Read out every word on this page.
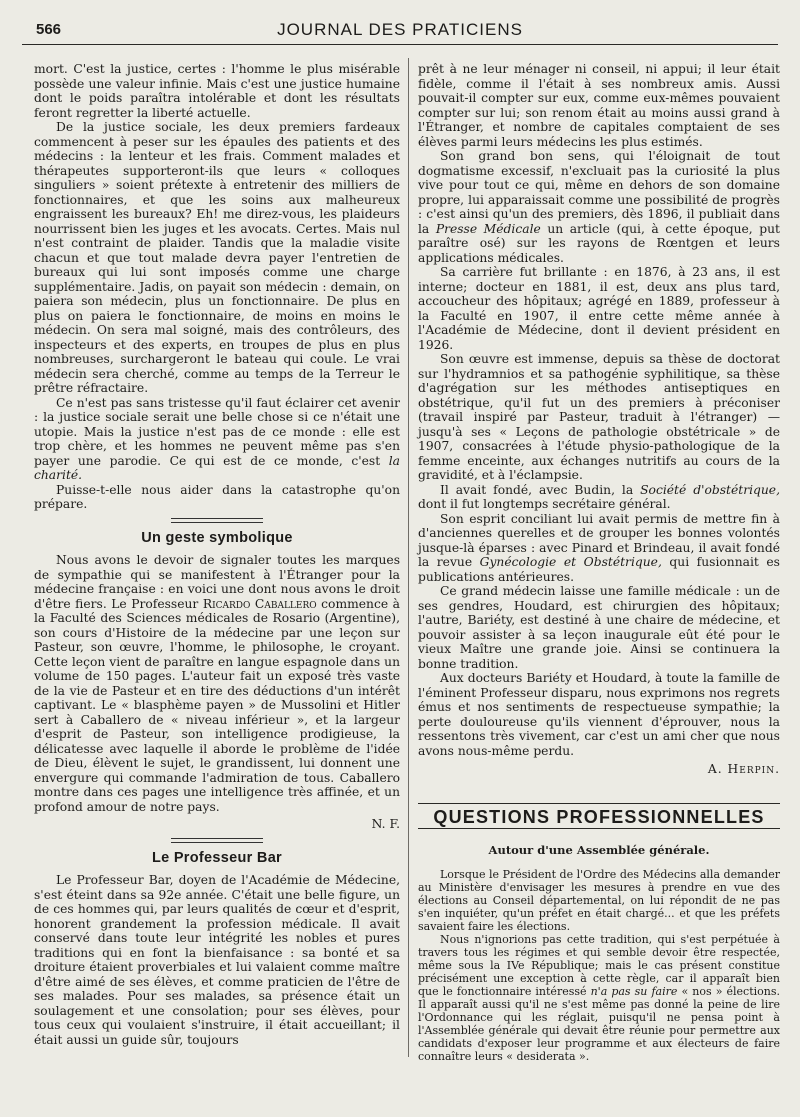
566	JOURNAL DES PRATICIENS

mort. C'est la justice, certes : l'homme le plus misérable possède une valeur infinie. Mais c'est une justice humaine dont le poids paraîtra intolérable et dont les résultats feront regretter la liberté actuelle.

De la justice sociale, les deux premiers fardeaux commencent à peser sur les épaules des patients et des médecins : la lenteur et les frais. Comment malades et thérapeutes supporteront-ils que leurs « colloques singuliers » soient prétexte à entretenir des milliers de fonctionnaires, et que les soins aux malheureux engraissent les bureaux? Eh! me direz-vous, les plaideurs nourrissent bien les juges et les avocats. Certes. Mais nul n'est contraint de plaider. Tandis que la maladie visite chacun et que tout malade devra payer l'entretien de bureaux qui lui sont imposés comme une charge supplémentaire. Jadis, on payait son médecin : demain, on paiera son médecin, plus un fonctionnaire. De plus en plus on paiera le fonctionnaire, de moins en moins le médecin. On sera mal soigné, mais des contrôleurs, des inspecteurs et des experts, en troupes de plus en plus nombreuses, surchargeront le bateau qui coule. Le vrai médecin sera cherché, comme au temps de la Terreur le prêtre réfractaire.

Ce n'est pas sans tristesse qu'il faut éclairer cet avenir : la justice sociale serait une belle chose si ce n'était une utopie. Mais la justice n'est pas de ce monde : elle est trop chère, et les hommes ne peuvent même pas s'en payer une parodie. Ce qui est de ce monde, c'est la charité.

Puisse-t-elle nous aider dans la catastrophe qu'on prépare.

Un geste symbolique

Nous avons le devoir de signaler toutes les marques de sympathie qui se manifestent à l'Étranger pour la médecine française : en voici une dont nous avons le droit d'être fiers. Le Professeur Ricardo Caballero commence à la Faculté des Sciences médicales de Rosario (Argentine), son cours d'Histoire de la médecine par une leçon sur Pasteur, son œuvre, l'homme, le philosophe, le croyant. Cette leçon vient de paraître en langue espagnole dans un volume de 150 pages. L'auteur fait un exposé très vaste de la vie de Pasteur et en tire des déductions d'un intérêt captivant. Le « blasphème payen » de Mussolini et Hitler sert à Caballero de « niveau inférieur », et la largeur d'esprit de Pasteur, son intelligence prodigieuse, la délicatesse avec laquelle il aborde le problème de l'idée de Dieu, élèvent le sujet, le grandissent, lui donnent une envergure qui commande l'admiration de tous. Caballero montre dans ces pages une intelligence très affinée, et un profond amour de notre pays.

N. F.
Le Professeur Bar

Le Professeur Bar, doyen de l'Académie de Médecine, s'est éteint dans sa 92e année. C'était une belle figure, un de ces hommes qui, par leurs qualités de cœur et d'esprit, honorent grandement la profession médicale. Il avait conservé dans toute leur intégrité les nobles et pures traditions qui en font la bienfaisance : sa bonté et sa droiture étaient proverbiales et lui valaient comme maître d'être aimé de ses élèves, et comme praticien de l'être de ses malades. Pour ses malades, sa présence était un soulagement et une consolation; pour ses élèves, pour tous ceux qui voulaient s'instruire, il était accueillant; il était aussi un guide sûr, toujours

prêt à ne leur ménager ni conseil, ni appui; il leur était fidèle, comme il l'était à ses nombreux amis. Aussi pouvait-il compter sur eux, comme eux-mêmes pouvaient compter sur lui; son renom était au moins aussi grand à l'Étranger, et nombre de capitales comptaient de ses élèves parmi leurs médecins les plus estimés.

Son grand bon sens, qui l'éloignait de tout dogmatisme excessif, n'excluait pas la curiosité la plus vive pour tout ce qui, même en dehors de son domaine propre, lui apparaissait comme une possibilité de progrès : c'est ainsi qu'un des premiers, dès 1896, il publiait dans la Presse Médicale un article (qui, à cette époque, put paraître osé) sur les rayons de Rœntgen et leurs applications médicales.

Sa carrière fut brillante : en 1876, à 23 ans, il est interne; docteur en 1881, il est, deux ans plus tard, accoucheur des hôpitaux; agrégé en 1889, professeur à la Faculté en 1907, il entre cette même année à l'Académie de Médecine, dont il devient président en 1926.

Son œuvre est immense, depuis sa thèse de doctorat sur l'hydramnios et sa pathogénie syphilitique, sa thèse d'agrégation sur les méthodes antiseptiques en obstétrique, qu'il fut un des premiers à préconiser (travail inspiré par Pasteur, traduit à l'étranger) — jusqu'à ses « Leçons de pathologie obstétricale » de 1907, consacrées à l'étude physio-pathologique de la femme enceinte, aux échanges nutritifs au cours de la gravidité, et à l'éclampsie.

Il avait fondé, avec Budin, la Société d'obstétrique, dont il fut longtemps secrétaire général.

Son esprit conciliant lui avait permis de mettre fin à d'anciennes querelles et de grouper les bonnes volontés jusque-là éparses : avec Pinard et Brindeau, il avait fondé la revue Gynécologie et Obstétrique, qui fusionnait es publications antérieures.

Ce grand médecin laisse une famille médicale : un de ses gendres, Houdard, est chirurgien des hôpitaux; l'autre, Bariéty, est destiné à une chaire de médecine, et pouvoir assister à sa leçon inaugurale eût été pour le vieux Maître une grande joie. Ainsi se continuera la bonne tradition.

Aux docteurs Bariéty et Houdard, à toute la famille de l'éminent Professeur disparu, nous exprimons nos regrets émus et nos sentiments de respectueuse sympathie; la perte douloureuse qu'ils viennent d'éprouver, nous la ressentons très vivement, car c'est un ami cher que nous avons nous-même perdu.

A. Herpin.
QUESTIONS PROFESSIONNELLES
Autour d'une Assemblée générale.

Lorsque le Président de l'Ordre des Médecins alla demander au Ministère d'envisager les mesures à prendre en vue des élections au Conseil départemental, on lui répondit de ne pas s'en inquiéter, qu'un préfet en était chargé... et que les préfets savaient faire les élections.

Nous n'ignorions pas cette tradition, qui s'est perpétuée à travers tous les régimes et qui semble devoir être respectée, même sous la IVe République; mais le cas présent constitue précisément une exception à cette règle, car il apparaît bien que le fonctionnaire intéressé n'a pas su faire « nos » élections. Il apparaît aussi qu'il ne s'est même pas donné la peine de lire l'Ordonnance qui les réglait, puisqu'il ne pensa point à l'Assemblée générale qui devait être réunie pour permettre aux candidats d'exposer leur programme et aux électeurs de faire connaître leurs « desiderata ».
